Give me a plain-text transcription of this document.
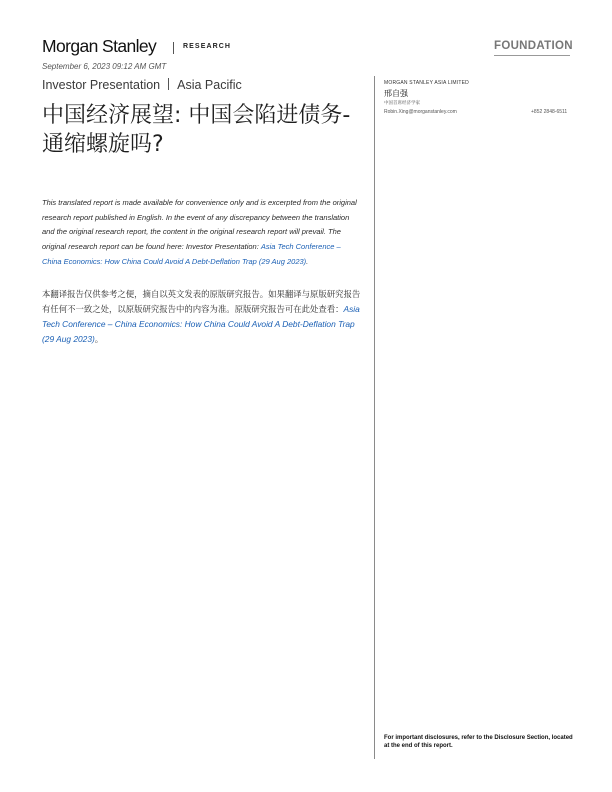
Morgan Stanley	RESEARCH	FOUNDATION
September 6, 2023 09:12 AM GMT
Investor Presentation Asia Pacific
中国经济展望: 中国会陷进债务-通缩螺旋吗?
MORGAN STANLEY ASIA LIMITED
邢自强
中国首席经济学家
Robin.Xing@morganstanley.com	+852 2848-6511
This translated report is made available for convenience only and is excerpted from the original research report published in English. In the event of any discrepancy between the translation and the original research report, the content in the original research report will prevail. The original research report can be found here: Investor Presentation: Asia Tech Conference – China Economics: How China Could Avoid A Debt-Deflation Trap (29 Aug 2023).
本翻译报告仅供参考之便，摘自以英文发表的原版研究报告。如果翻译与原版研究报告有任何不一致之处，以原版研究报告中的内容为准。原版研究报告可在此处查看：Asia Tech Conference – China Economics: How China Could Avoid A Debt-Deflation Trap (29 Aug 2023)。
For important disclosures, refer to the Disclosure Section, located at the end of this report.
